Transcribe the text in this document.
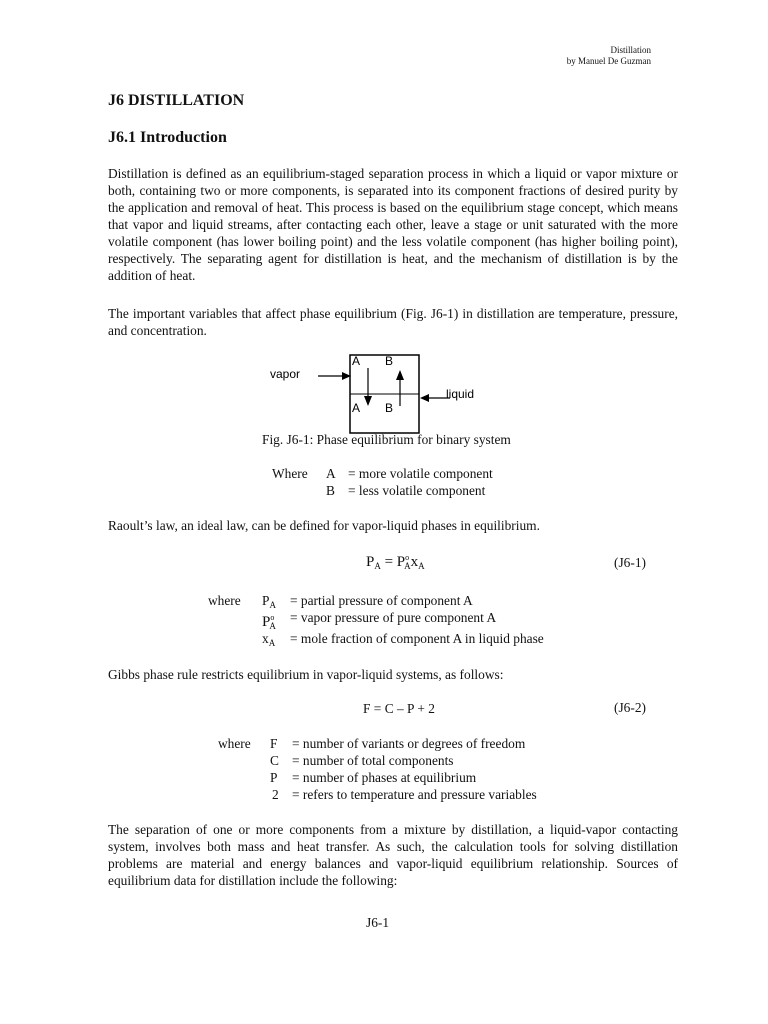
Distillation
by Manuel De Guzman
J6 DISTILLATION
J6.1 Introduction
Distillation is defined as an equilibrium-staged separation process in which a liquid or vapor mixture or both, containing two or more components, is separated into its component fractions of desired purity by the application and removal of heat. This process is based on the equilibrium stage concept, which means that vapor and liquid streams, after contacting each other, leave a stage or unit saturated with the more volatile component (has lower boiling point) and the less volatile component (has higher boiling point), respectively. The separating agent for distillation is heat, and the mechanism of distillation is by the addition of heat.
The important variables that affect phase equilibrium (Fig. J6-1) in distillation are temperature, pressure, and concentration.
vapor
liquid
A B
A B
Fig. J6-1: Phase equilibrium for binary system
Where A = more volatile component
B = less volatile component
Raoult’s law, an ideal law, can be defined for vapor-liquid phases in equilibrium.
$P_A = P^o_Ax_A$	(J6-1)
where $P_A$ = partial pressure of component A
$P^o_A$
= vapor pressure of pure component A
$x_A$ = mole fraction of component A in liquid phase
Gibbs phase rule restricts equilibrium in vapor-liquid systems, as follows:
F = C – P + 2	(J6-2)
where F = number of variants or degrees of freedom
C = number of total components
P = number of phases at equilibrium
2 = refers to temperature and pressure variables
The separation of one or more components from a mixture by distillation, a liquid-vapor contacting system, involves both mass and heat transfer. As such, the calculation tools for solving distillation problems are material and energy balances and vapor-liquid equilibrium relationship. Sources of equilibrium data for distillation include the following:
J6-1
